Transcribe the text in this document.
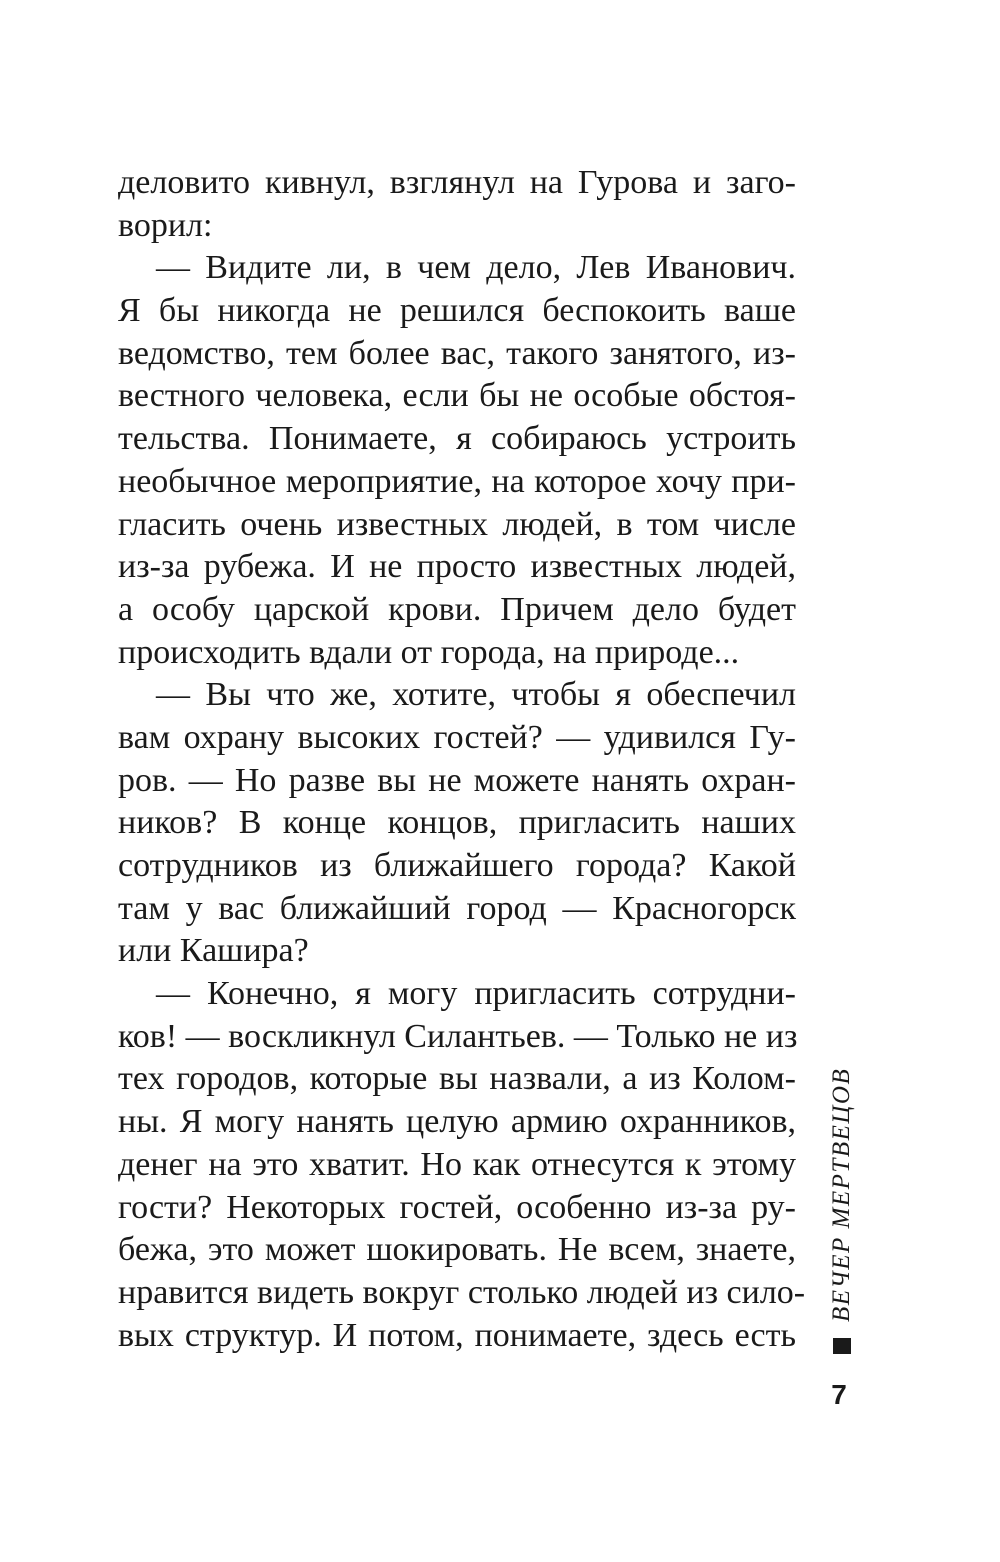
деловито кивнул, взглянул на Гурова и заго-
ворил:
— Видите ли, в чем дело, Лев Иванович.
Я бы никогда не решился беспокоить ваше
ведомство, тем более вас, такого занятого, из-
вестного человека, если бы не особые обстоя-
тельства. Понимаете, я собираюсь устроить
необычное мероприятие, на которое хочу при-
гласить очень известных людей, в том числе
из-за рубежа. И не просто известных людей,
а особу царской крови. Причем дело будет
происходить вдали от города, на природе...
— Вы что же, хотите, чтобы я обеспечил
вам охрану высоких гостей? — удивился Гу-
ров. — Но разве вы не можете нанять охран-
ников? В конце концов, пригласить наших
сотрудников из ближайшего города? Какой
там у вас ближайший город — Красногорск
или Кашира?
— Конечно, я могу пригласить сотрудни-
ков! — воскликнул Силантьев. — Только не из
тех городов, которые вы назвали, а из Колом-
ны. Я могу нанять целую армию охранников,
денег на это хватит. Но как отнесутся к этому
гости? Некоторых гостей, особенно из-за ру-
бежа, это может шокировать. Не всем, знаете,
нравится видеть вокруг столько людей из сило-
вых структур. И потом, понимаете, здесь есть
ВЕЧЕР МЕРТВЕЦОВ
7
